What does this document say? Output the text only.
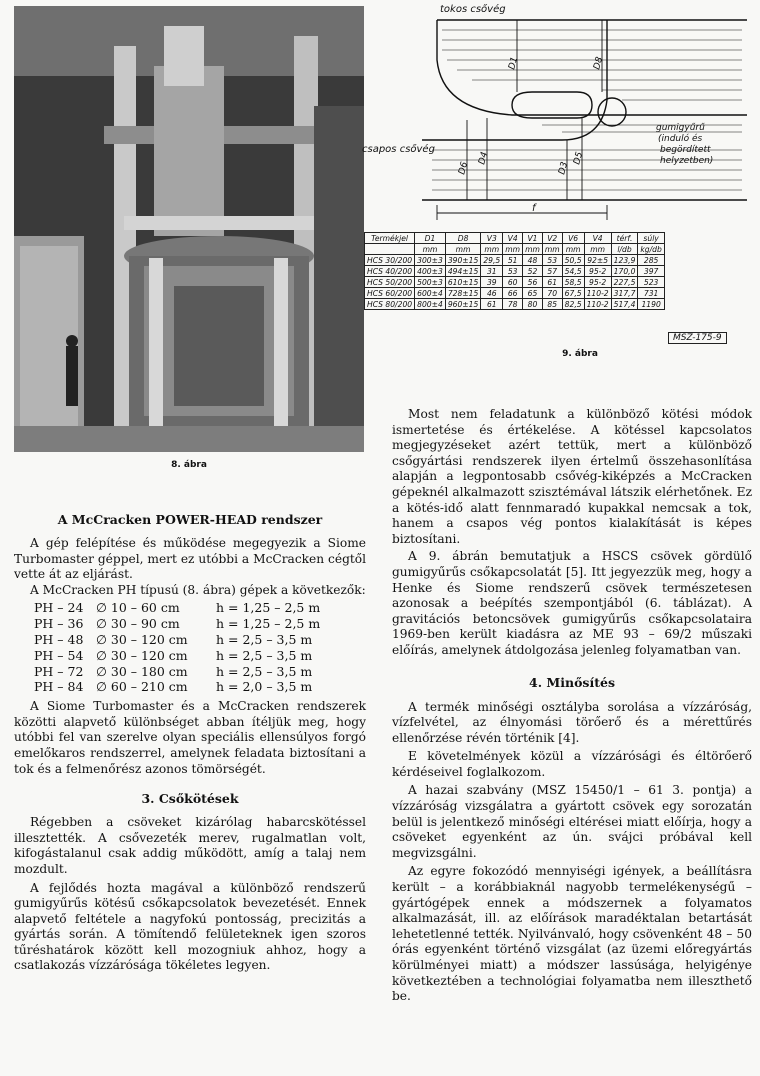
8. ábra
A McCracken POWER-HEAD rendszer

A gép felépítése és működése megegyezik a Siome Turbomaster géppel, mert ez utóbbi a McCracken cégtől vette át az eljárást.

A McCracken PH típusú (8. ábra) gépek a következők:

PH – 24	∅ 10 – 60 cm	h = 1,25 – 2,5 m
PH – 36	∅ 30 – 90 cm	h = 1,25 – 2,5 m
PH – 48	∅ 30 – 120 cm	h = 2,5 – 3,5 m
PH – 54	∅ 30 – 120 cm	h = 2,5 – 3,5 m
PH – 72	∅ 30 – 180 cm	h = 2,5 – 3,5 m
PH – 84	∅ 60 – 210 cm	h = 2,0 – 3,5 m

A Siome Turbomaster és a McCracken rendszerek közötti alapvető különbséget abban ítéljük meg, hogy utóbbi fel van szerelve olyan speciális ellensúlyos forgó emelőkaros rendszerrel, amelynek feladata biztosítani a tok és a felmenőrész azonos tömörségét.

3. Csőkötések

Régebben a csöveket kizárólag habarcskötéssel illesztették. A csővezeték merev, rugalmatlan volt, kifogástalanul csak addig működött, amíg a talaj nem mozdult.

A fejlődés hozta magával a különböző rendszerű gumigyűrűs kötésű csőkapcsolatok bevezetését. Ennek alapvető feltétele a nagyfokú pontosság, precizitás a gyártás során. A tömítendő felületeknek igen szoros tűréshatárok között kell mozogniuk ahhoz, hogy a csatlakozás vízzárósága tökéletes legyen.

tokos csővég
csapos csővég
gumigyűrű (induló és begördített helyzetben)
f
D1	D8
D6
D4
D3
D5
Termékjel	D1	D8	V3	V4	V1	V2	V6	V4	térf.	súly
	mm	mm	mm	mm	mm	mm	mm	mm	l/db	kg/db
HCS 30/200	300±3	390±15	29,5	51	48	53	50,5	92±5	123,9	285
HCS 40/200	400±3	494±15	31	53	52	57	54,5	95-2	170,0	397
HCS 50/200	500±3	610±15	39	60	56	61	58,5	95-2	227,5	523
HCS 60/200	600±4	728±15	46	66	65	70	67,5	110-2	317,7	731
HCS 80/200	800±4	960±15	61	78	80	85	82,5	110-2	517,4	1190
MSZ-175-9
9. ábra

Most nem feladatunk a különböző kötési módok ismertetése és értékelése. A kötéssel kapcsolatos megjegyzéseket azért tettük, mert a különböző csőgyártási rendszerek ilyen értelmű összehasonlítása alapján a legpontosabb csővég-kiképzés a McCracken gépeknél alkalmazott szisztémával látszik elérhetőnek. Ez a kötés-idő alatt fennmaradó kupakkal nemcsak a tok, hanem a csapos vég pontos kialakítását is képes biztosítani.

A 9. ábrán bemutatjuk a HSCS csövek gördülő gumigyűrűs csőkapcsolatát [5]. Itt jegyezzük meg, hogy a Henke és Siome rendszerű csövek természetesen azonosak a beépítés szempontjából (6. táblázat). A gravitációs betoncsövek gumigyűrűs csőkapcsolataira 1969-ben került kiadásra az ME 93 – 69/2 műszaki előírás, amelynek átdolgozása jelenleg folyamatban van.

4. Minősítés

A termék minőségi osztályba sorolása a vízzáróság, vízfelvétel, az élnyomási törőerő és a mérettűrés ellenőrzése révén történik [4].

E követelmények közül a vízzárósági és éltörőerő kérdéseivel foglalkozom.

A hazai szabvány (MSZ 15450/1 – 61 3. pontja) a vízzáróság vizsgálatra a gyártott csövek egy sorozatán belül is jelentkező minőségi eltérései miatt előírja, hogy a csöveket egyenként az ún. svájci próbával kell megvizsgálni.

Az egyre fokozódó mennyiségi igények, a beállításra került – a korábbiaknál nagyobb termelékenységű – gyártógépek ennek a módszernek a folyamatos alkalmazását, ill. az előírások maradéktalan betartását lehetetlenné tették. Nyilvánvaló, hogy csövenként 48 – 50 órás egyenként történő vizsgálat (az üzemi előregyártás körülményei miatt) a módszer lassúsága, helyigénye következtében a technológiai folyamatba nem illeszthető be.
